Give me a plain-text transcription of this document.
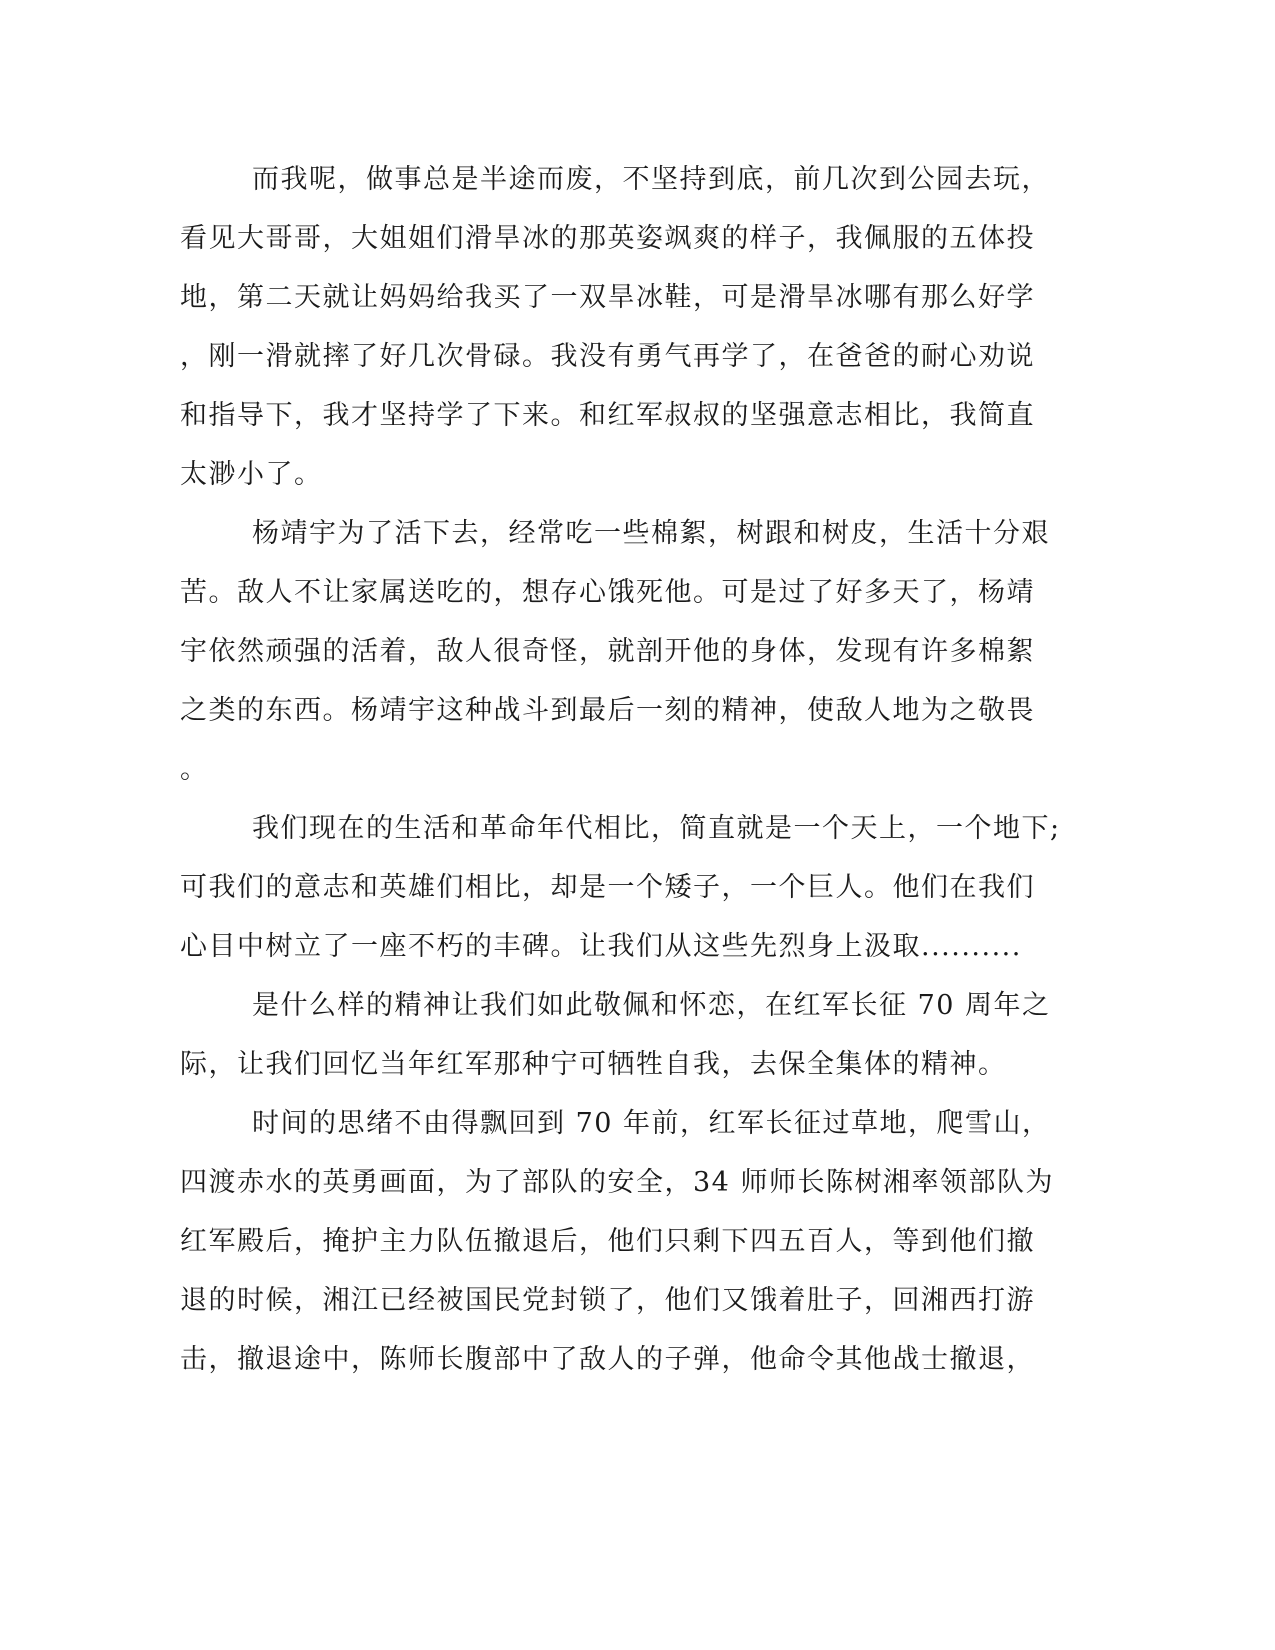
而我呢，做事总是半途而废，不坚持到底，前几次到公园去玩，
看见大哥哥，大姐姐们滑旱冰的那英姿飒爽的样子，我佩服的五体投
地，第二天就让妈妈给我买了一双旱冰鞋，可是滑旱冰哪有那么好学
，刚一滑就摔了好几次骨碌。我没有勇气再学了，在爸爸的耐心劝说
和指导下，我才坚持学了下来。和红军叔叔的坚强意志相比，我简直
太渺小了。
杨靖宇为了活下去，经常吃一些棉絮，树跟和树皮，生活十分艰
苦。敌人不让家属送吃的，想存心饿死他。可是过了好多天了，杨靖
宇依然顽强的活着，敌人很奇怪，就剖开他的身体，发现有许多棉絮
之类的东西。杨靖宇这种战斗到最后一刻的精神，使敌人地为之敬畏
。
我们现在的生活和革命年代相比，简直就是一个天上，一个地下;
可我们的意志和英雄们相比，却是一个矮子，一个巨人。他们在我们
心目中树立了一座不朽的丰碑。让我们从这些先烈身上汲取..........
是什么样的精神让我们如此敬佩和怀恋，在红军长征 70 周年之
际，让我们回忆当年红军那种宁可牺牲自我，去保全集体的精神。
时间的思绪不由得飘回到 70 年前，红军长征过草地，爬雪山，
四渡赤水的英勇画面，为了部队的安全，34 师师长陈树湘率领部队为
红军殿后，掩护主力队伍撤退后，他们只剩下四五百人，等到他们撤
退的时候，湘江已经被国民党封锁了，他们又饿着肚子，回湘西打游
击，撤退途中，陈师长腹部中了敌人的子弹，他命令其他战士撤退，
